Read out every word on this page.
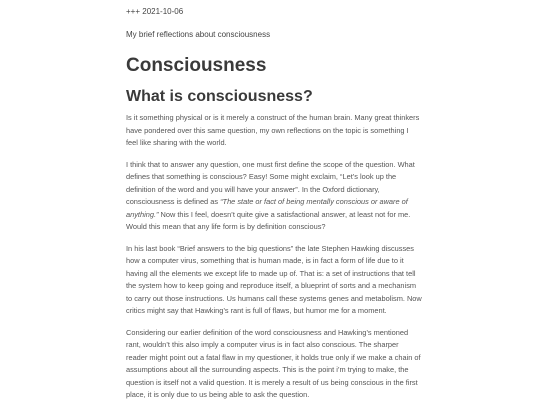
+++ 2021-10-06
My brief reflections about consciousness
Consciousness
What is consciousness?

Is it something physical or is it merely a construct of the human brain. Many great thinkers have pondered over this same question, my own reflections on the topic is something I feel like sharing with the world.

I think that to answer any question, one must first define the scope of the question. What defines that something is conscious? Easy! Some might exclaim, “Let’s look up the definition of the word and you will have your answer”. In the Oxford dictionary, consciousness is defined as “The state or fact of being mentally conscious or aware of anything.” Now this I feel, doesn’t quite give a satisfactional answer, at least not for me. Would this mean that any life form is by definition conscious?

In his last book “Brief answers to the big questions” the late Stephen Hawking discusses how a computer virus, something that is human made, is in fact a form of life due to it having all the elements we except life to made up of. That is: a set of instructions that tell the system how to keep going and reproduce itself, a blueprint of sorts and a mechanism to carry out those instructions. Us humans call these systems genes and metabolism. Now critics might say that Hawking’s rant is full of flaws, but humor me for a moment.

Considering our earlier definition of the word consciousness and Hawking’s mentioned rant, wouldn’t this also imply a computer virus is in fact also conscious. The sharper reader might point out a fatal flaw in my questioner, it holds true only if we make a chain of assumptions about all the surrounding aspects. This is the point i’m trying to make, the question is itself not a valid question. It is merely a result of us being conscious in the first place, it is only due to us being able to ask the question.
